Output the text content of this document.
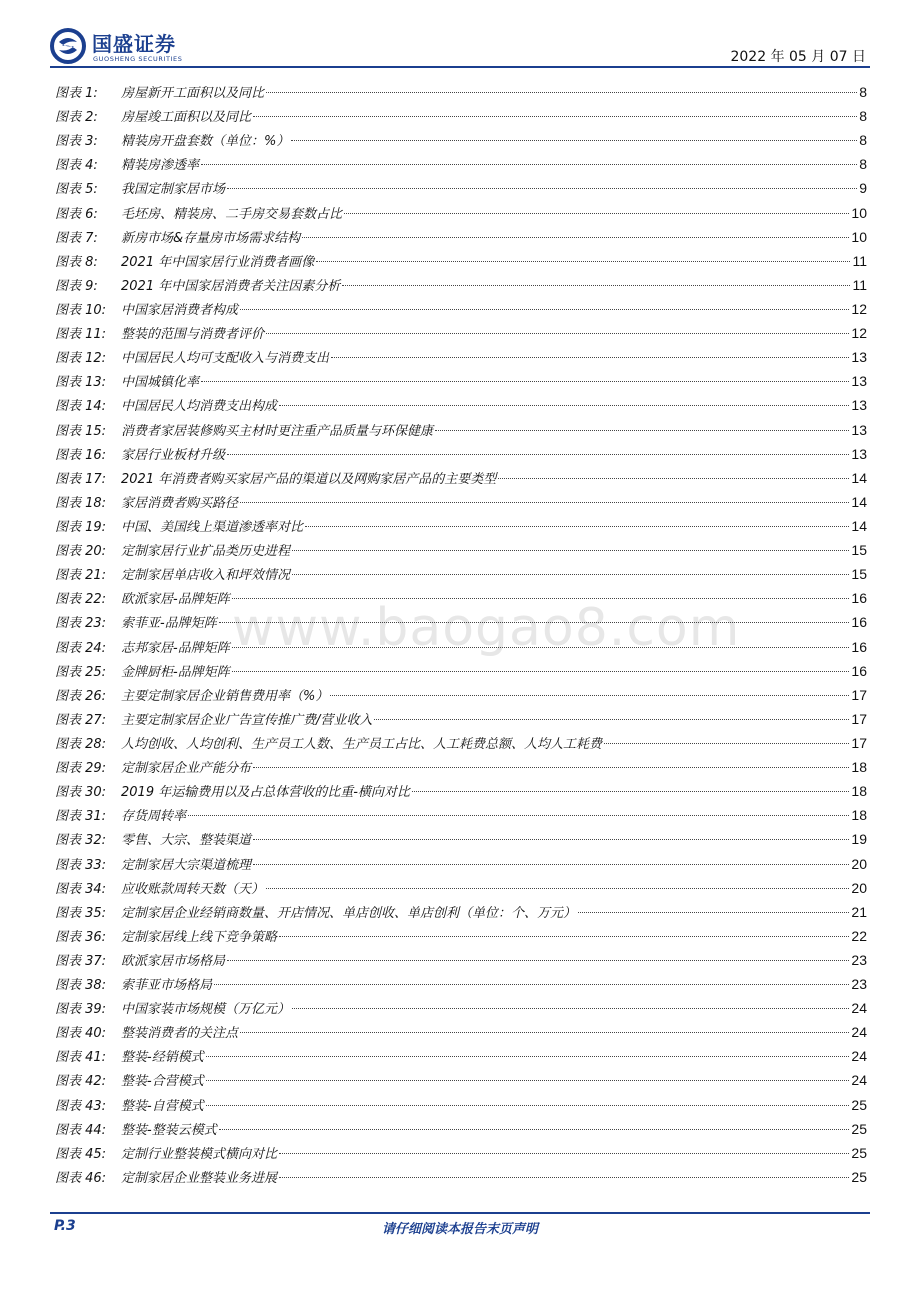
国盛证券
GUOSHENG SECURITIES	2022 年 05 月 07 日
www.baogao8.com
图表 1:	房屋新开工面积以及同比	8
图表 2:	房屋竣工面积以及同比	8
图表 3:	精装房开盘套数（单位：%）	8
图表 4:	精装房渗透率	8
图表 5:	我国定制家居市场	9
图表 6:	毛坯房、精装房、二手房交易套数占比	10
图表 7:	新房市场&存量房市场需求结构	10
图表 8:	2021 年中国家居行业消费者画像	11
图表 9:	2021 年中国家居消费者关注因素分析	11
图表 10:	中国家居消费者构成	12
图表 11:	整装的范围与消费者评价	12
图表 12:	中国居民人均可支配收入与消费支出	13
图表 13:	中国城镇化率	13
图表 14:	中国居民人均消费支出构成	13
图表 15:	消费者家居装修购买主材时更注重产品质量与环保健康	13
图表 16:	家居行业板材升级	13
图表 17:	2021 年消费者购买家居产品的渠道以及网购家居产品的主要类型	14
图表 18:	家居消费者购买路径	14
图表 19:	中国、美国线上渠道渗透率对比	14
图表 20:	定制家居行业扩品类历史进程	15
图表 21:	定制家居单店收入和坪效情况	15
图表 22:	欧派家居-品牌矩阵	16
图表 23:	索菲亚-品牌矩阵	16
图表 24:	志邦家居-品牌矩阵	16
图表 25:	金牌厨柜-品牌矩阵	16
图表 26:	主要定制家居企业销售费用率（%）	17
图表 27:	主要定制家居企业广告宣传推广费/营业收入	17
图表 28:	人均创收、人均创利、生产员工人数、生产员工占比、人工耗费总额、人均人工耗费	17
图表 29:	定制家居企业产能分布	18
图表 30:	2019 年运输费用以及占总体营收的比重-横向对比	18
图表 31:	存货周转率	18
图表 32:	零售、大宗、整装渠道	19
图表 33:	定制家居大宗渠道梳理	20
图表 34:	应收账款周转天数（天）	20
图表 35:	定制家居企业经销商数量、开店情况、单店创收、单店创利（单位：个、万元）	21
图表 36:	定制家居线上线下竞争策略	22
图表 37:	欧派家居市场格局	23
图表 38:	索菲亚市场格局	23
图表 39:	中国家装市场规模（万亿元）	24
图表 40:	整装消费者的关注点	24
图表 41:	整装-经销模式	24
图表 42:	整装-合营模式	24
图表 43:	整装-自营模式	25
图表 44:	整装-整装云模式	25
图表 45:	定制行业整装模式横向对比	25
图表 46:	定制家居企业整装业务进展	25
P.3	请仔细阅读本报告末页声明
